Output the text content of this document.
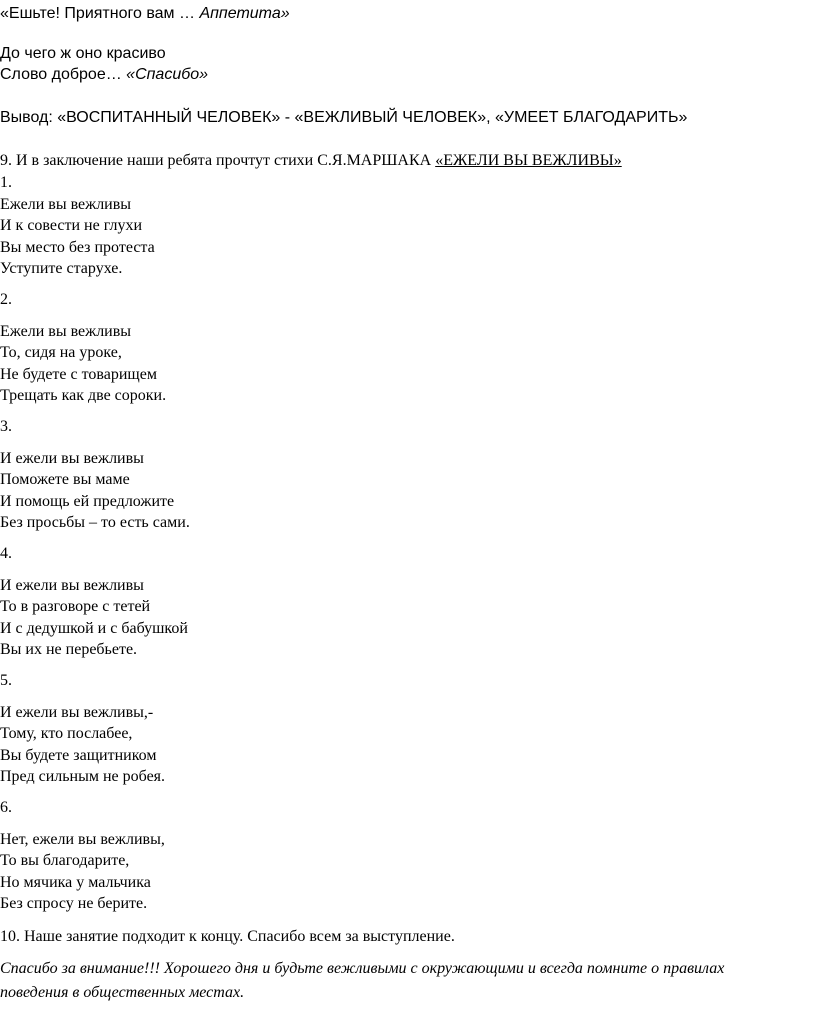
«Ешьте! Приятного вам … Аппетита»
До чего ж оно красиво
Слово доброе… «Спасибо»
Вывод: «ВОСПИТАННЫЙ ЧЕЛОВЕК» - «ВЕЖЛИВЫЙ ЧЕЛОВЕК», «УМЕЕТ БЛАГОДАРИТЬ»
9. И в заключение наши ребята прочтут стихи С.Я.МАРШАКА «ЕЖЕЛИ ВЫ ВЕЖЛИВЫ»
1.
Ежели вы вежливы
И к совести не глухи
Вы место без протеста
Уступите старухе.
2.
Ежели вы вежливы
То, сидя на уроке,
Не будете с товарищем
Трещать как две сороки.
3.
И ежели вы вежливы
Поможете вы маме
И помощь ей предложите
Без просьбы – то есть сами.
4.
И ежели вы вежливы
То в разговоре с тетей
И с дедушкой и с бабушкой
Вы их не перебьете.
5.
И ежели вы вежливы,-
Тому, кто послабее,
Вы будете защитником
Пред сильным не робея.
6.
Нет, ежели вы вежливы,
То вы благодарите,
Но мячика у мальчика
Без спросу не берите.
10. Наше занятие подходит к концу. Спасибо всем за выступление.
Спасибо за внимание!!! Хорошего дня и будьте вежливыми с окружающими и всегда помните о правилах поведения в общественных местах.
